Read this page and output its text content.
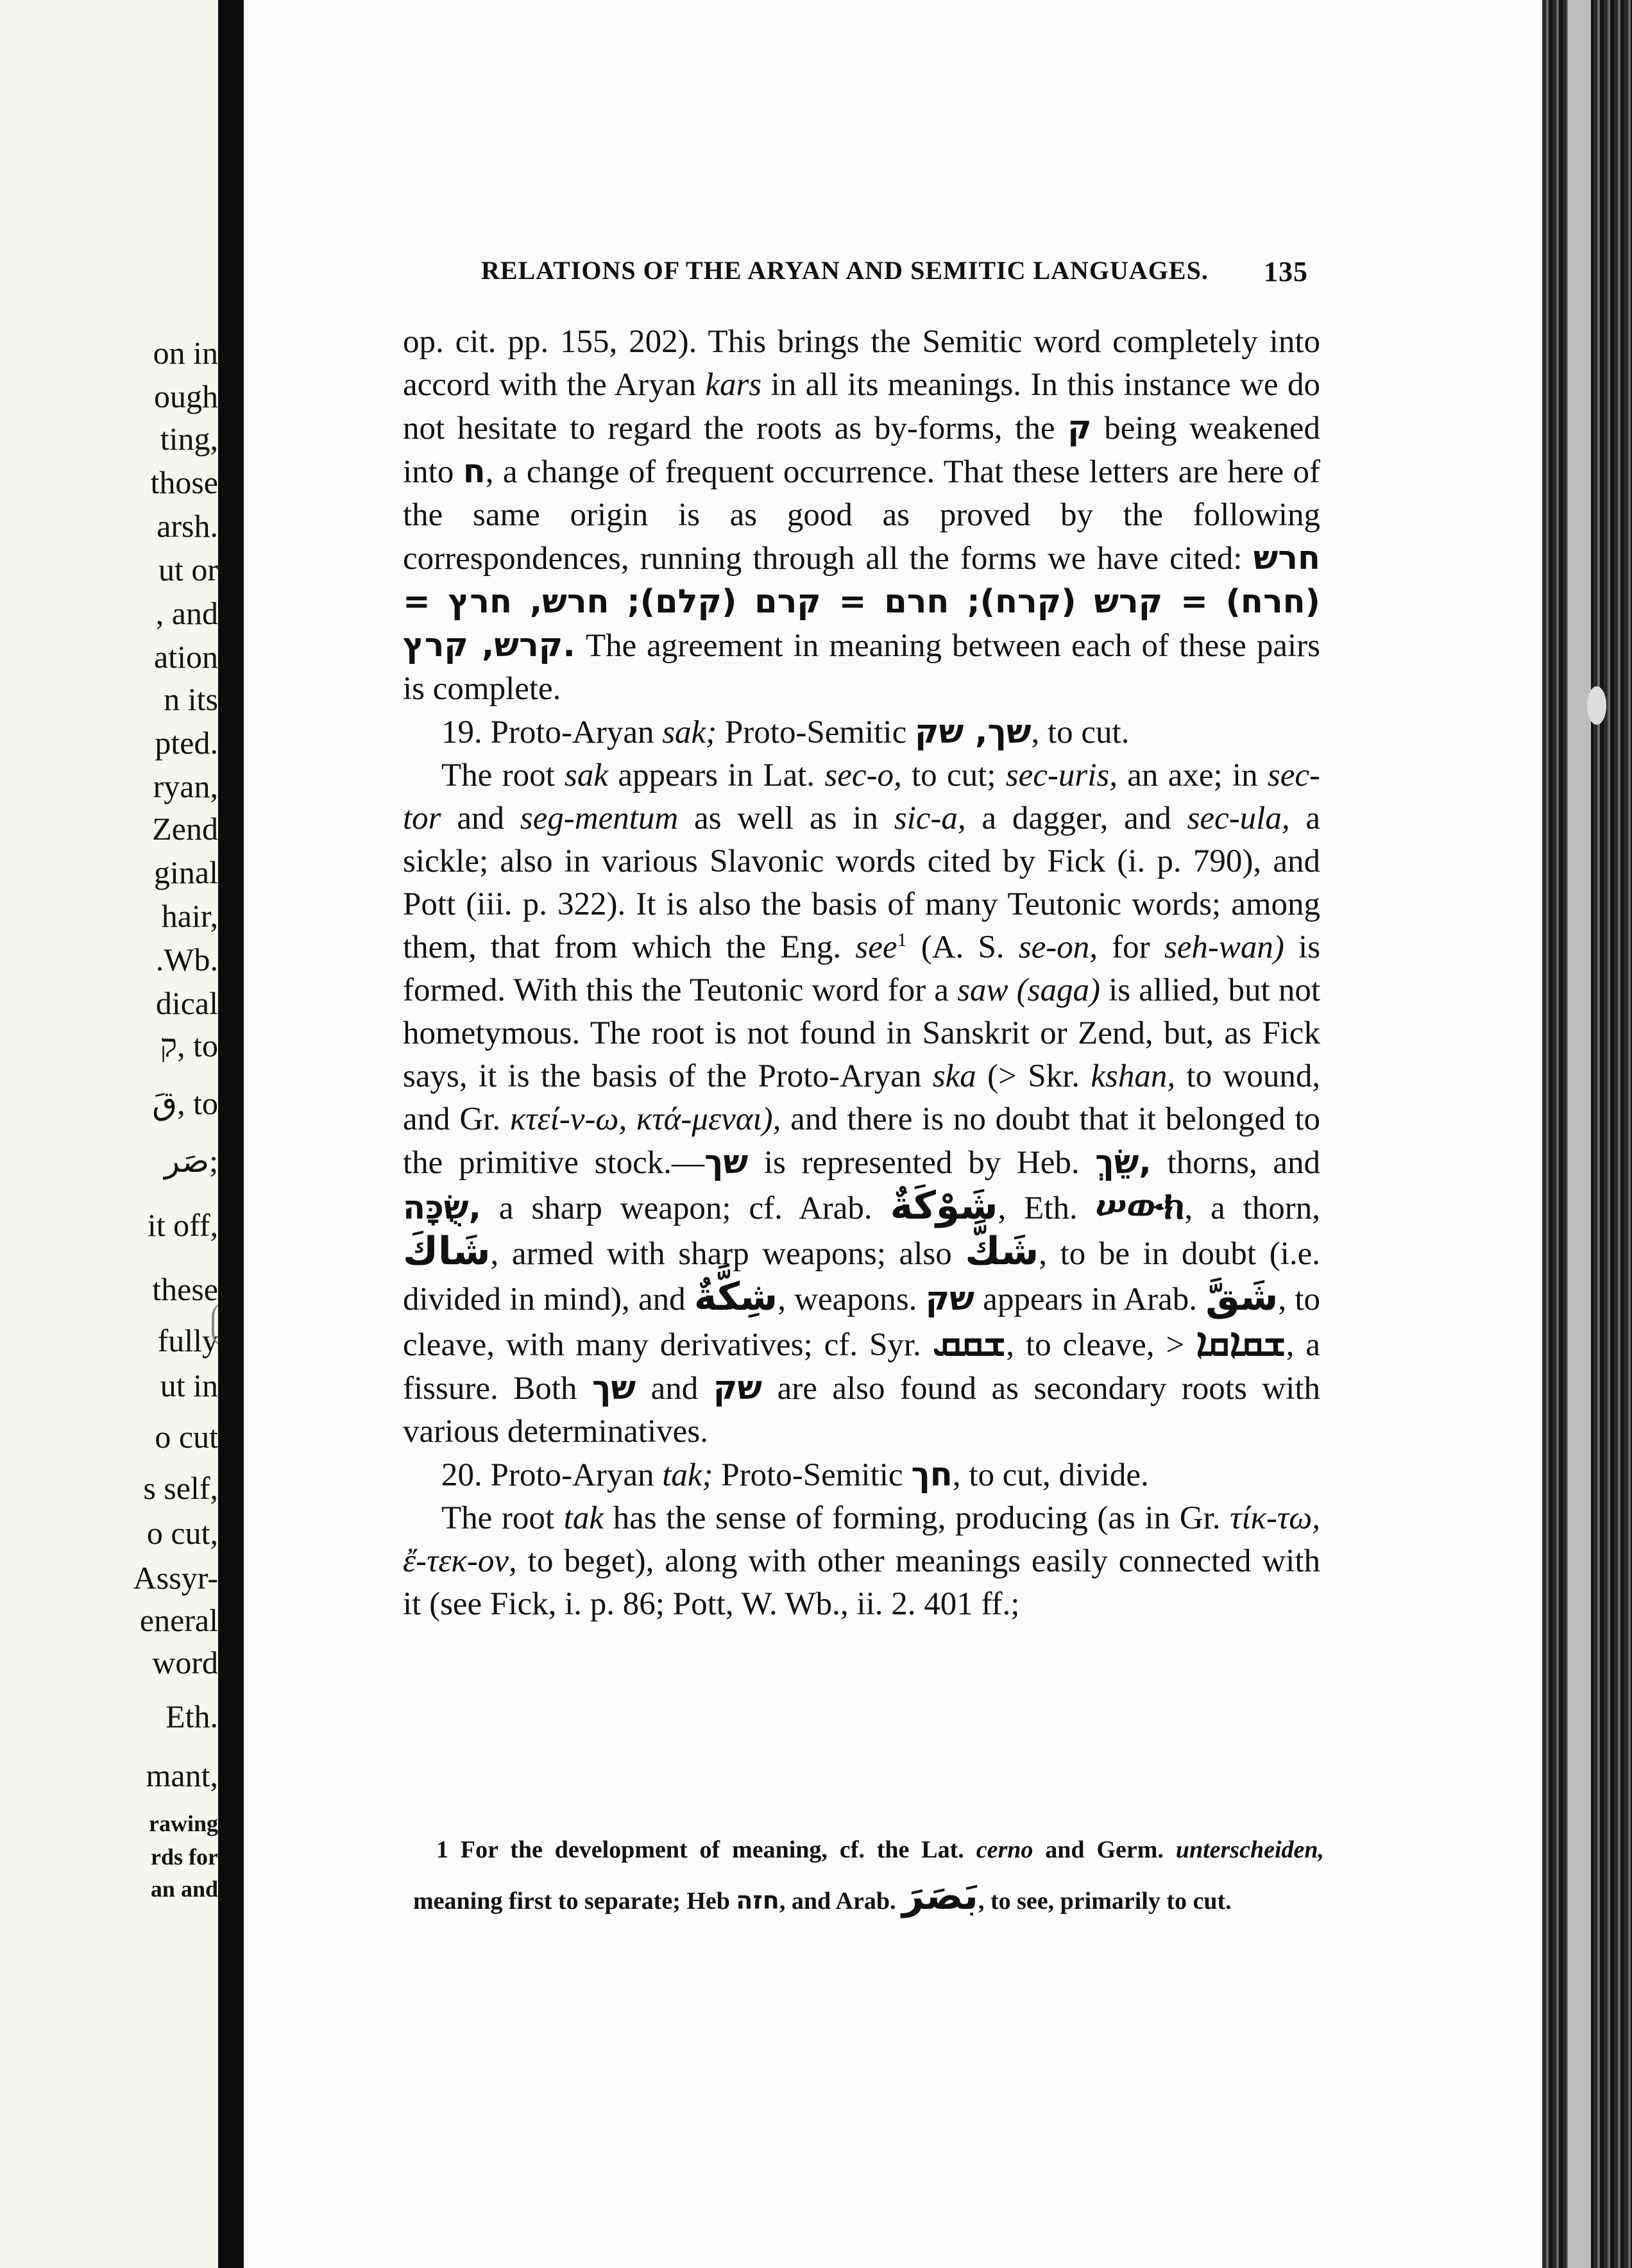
on in
ough
ting,
those
arsh.
ut or
, and
ation
n its
pted.
ryan,
Zend
ginal
hair,
.Wb.
dical
ק, to
قَ, to
صَر;
it off,
these
fully
ut in
o cut
s self,
o cut,
Assyr-
eneral
word
Eth.
mant,
rawing
rds for
an and
RELATIONS OF THE ARYAN AND SEMITIC LANGUAGES. 135

op. cit. pp. 155, 202). This brings the Semitic word completely into accord with the Aryan kars in all its meanings. In this instance we do not hesitate to regard the roots as by-forms, the ק being weakened into ח, a change of frequent occurrence. That these letters are here of the same origin is as good as proved by the following correspondences, running through all the forms we have cited: חרש (חרח) = קרש (קרח); חרם = קרם (קלם); חרש, חרץ = קרש, קרץ. The agreement in meaning between each of these pairs is complete.

19. Proto-Aryan sak; Proto-Semitic שך, שק, to cut.

The root sak appears in Lat. sec-o, to cut; sec-uris, an axe; in sec-tor and seg-mentum as well as in sic-a, a dagger, and sec-ula, a sickle; also in various Slavonic words cited by Fick (i. p. 790), and Pott (iii. p. 322). It is also the basis of many Teutonic words; among them, that from which the Eng. see$^1$ (A. S. se-on, for seh-wan) is formed. With this the Teutonic word for a saw (saga) is allied, but not hometymous. The root is not found in Sanskrit or Zend, but, as Fick says, it is the basis of the Proto-Aryan ska (> Skr. kshan, to wound, and Gr. κτεί-ν-ω, κτά-μεναι), and there is no doubt that it belonged to the primitive stock.—שך is represented by Heb. שֵׂךְ, thorns, and שֻׂכָּה, a sharp weapon; cf. Arab. شَوْكَةٌ, Eth. ሠውክ, a thorn, شَاكَ, armed with sharp weapons; also شَكَّ, to be in doubt (i.e. divided in mind), and شِكَّةٌ, weapons. שק appears in Arab. شَقَّ, to cleave, with many derivatives; cf. Syr. ܫܩܩ, to cleave, > ܫܩܐܩܐ, a fissure. Both שך and שק are also found as secondary roots with various determinatives.

20. Proto-Aryan tak; Proto-Semitic חך, to cut, divide.

The root tak has the sense of forming, producing (as in Gr. τίκ-τω, ἔ-τεκ-ον, to beget), along with other meanings easily connected with it (see Fick, i. p. 86; Pott, W. Wb., ii. 2. 401 ff.;

1 For the development of meaning, cf. the Lat. cerno and Germ. unterscheiden, meaning first to separate; Heb חזה, and Arab. بَصَرَ, to see, primarily to cut.
